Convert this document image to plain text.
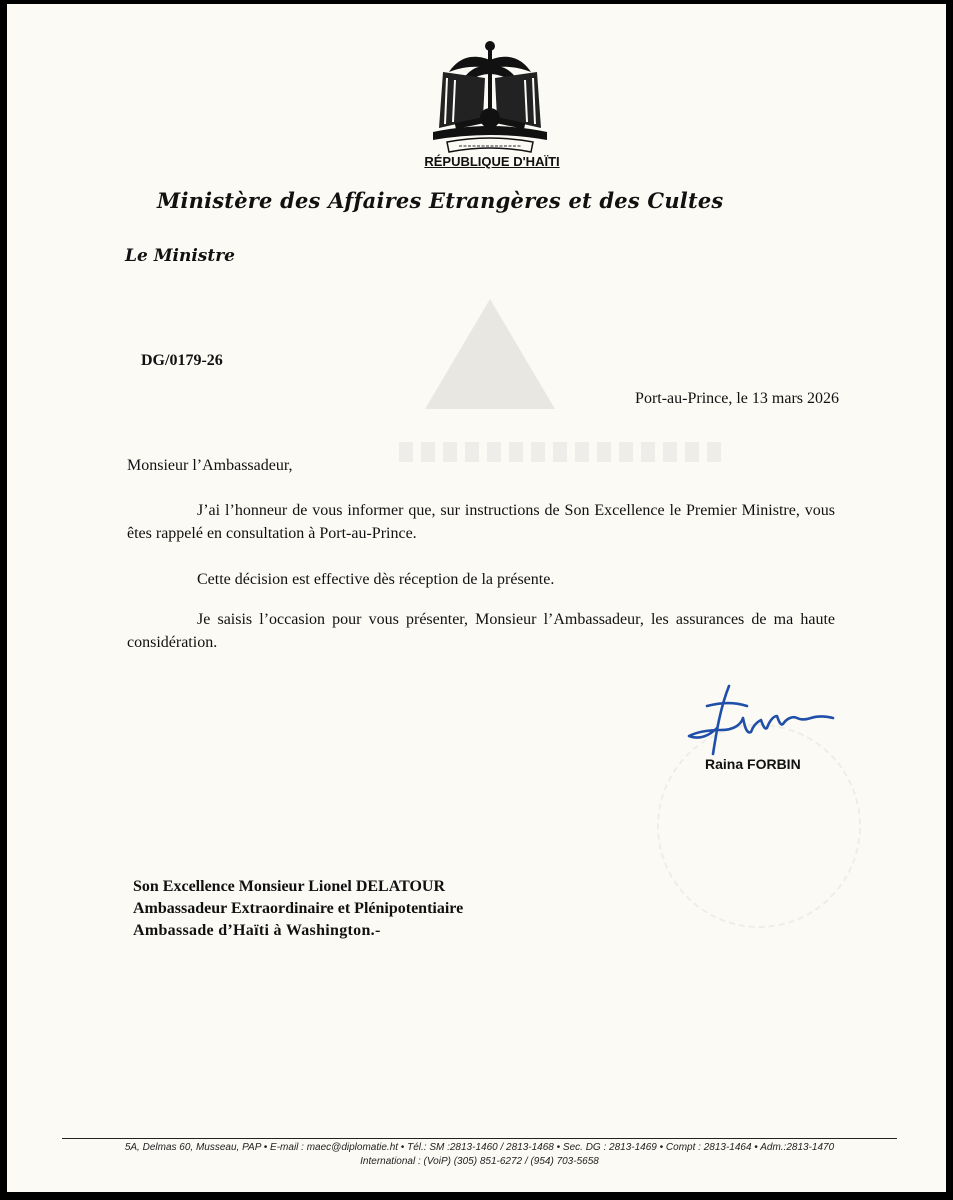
RÉPUBLIQUE D'HAÏTI
Ministère des Affaires Etrangères et des Cultes
Le Ministre
DG/0179-26
Port-au-Prince, le 13 mars 2026
Monsieur l’Ambassadeur,
J’ai l’honneur de vous informer que, sur instructions de Son Excellence le Premier Ministre, vous êtes rappelé en consultation à Port-au-Prince.
Cette décision est effective dès réception de la présente.
Je saisis l’occasion pour vous présenter, Monsieur l’Ambassadeur, les assurances de ma haute considération.
Raina FORBIN
Son Excellence Monsieur Lionel DELATOUR
Ambassadeur Extraordinaire et Plénipotentiaire
Ambassade d’Haïti à Washington.-
5A, Delmas 60, Musseau, PAP • E-mail : maec@diplomatie.ht • Tél.: SM :2813-1460 / 2813-1468 • Sec. DG : 2813-1469 • Compt : 2813-1464 • Adm.:2813-1470
International : (VoiP) (305) 851-6272 / (954) 703-5658
